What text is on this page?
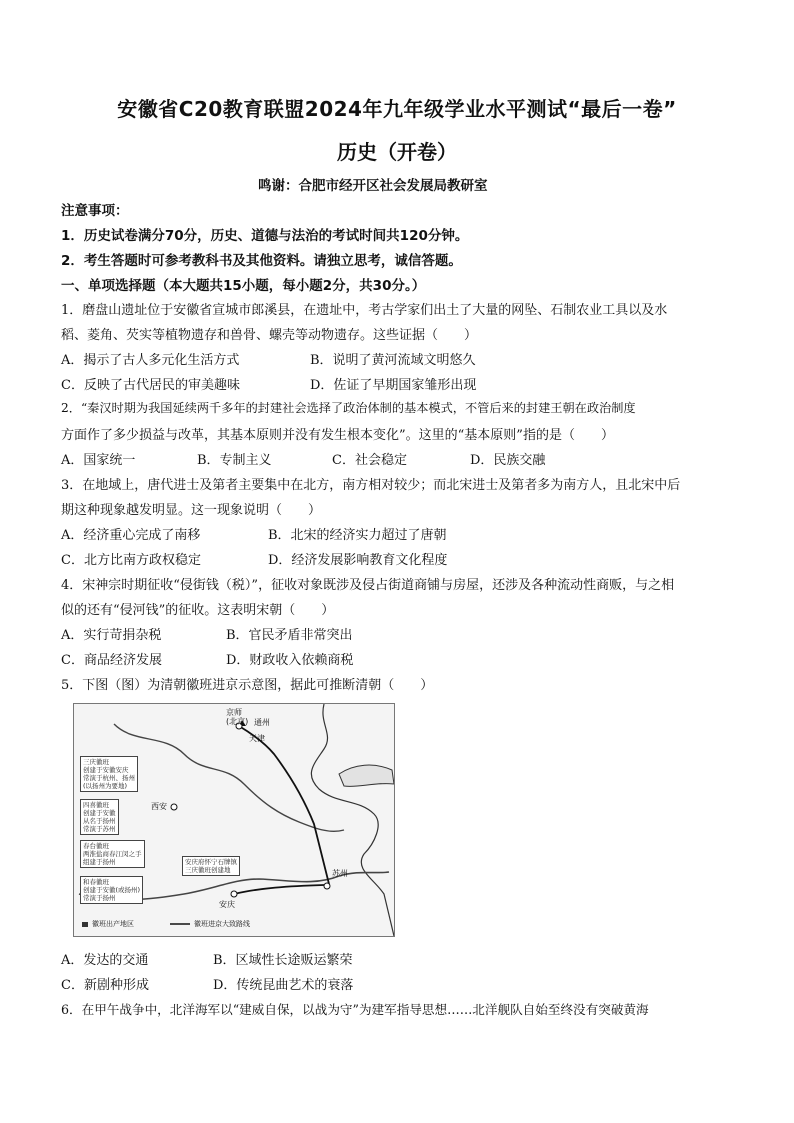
安徽省C20教育联盟2024年九年级学业水平测试“最后一卷”
历史（开卷）
鸣谢：合肥市经开区社会发展局教研室
注意事项：
1．历史试卷满分70分，历史、道德与法治的考试时间共120分钟。
2．考生答题时可参考教科书及其他资料。请独立思考，诚信答题。
一、单项选择题（本大题共15小题，每小题2分，共30分。）
1．磨盘山遗址位于安徽省宣城市郎溪县，在遗址中，考古学家们出土了大量的网坠、石制农业工具以及水
稻、菱角、芡实等植物遗存和兽骨、螺壳等动物遗存。这些证据（　　）
A．揭示了古人多元化生活方式	B．说明了黄河流域文明悠久
C．反映了古代居民的审美趣味	D．佐证了早期国家雏形出现
2．“秦汉时期为我国延续两千多年的封建社会选择了政治体制的基本模式，不管后来的封建王朝在政治制度
方面作了多少损益与改革，其基本原则并没有发生根本变化”。这里的“基本原则”指的是（　　）
A．国家统一	B．专制主义	C．社会稳定	D．民族交融
3．在地域上，唐代进士及第者主要集中在北方，南方相对较少；而北宋进士及第者多为南方人，且北宋中后
期这种现象越发明显。这一现象说明（　　）
A．经济重心完成了南移	B．北宋的经济实力超过了唐朝
C．北方比南方政权稳定	D．经济发展影响教育文化程度
4．宋神宗时期征收“侵街钱（税）”，征收对象既涉及侵占街道商铺与房屋，还涉及各种流动性商贩，与之相
似的还有“侵河钱”的征收。这表明宋朝（　　）
A．实行苛捐杂税	B．官民矛盾非常突出
C．商品经济发展	D．财政收入依赖商税
5．下图（图）为清朝徽班进京示意图，据此可推断清朝（　　）
京师
(北京) 通州
天津
西安
苏州
安庆
三庆徽班
创建于安徽安庆
常演于杭州、扬州
(以扬州为要地)
四喜徽班
创建于安徽
从名于扬州
常演于苏州
春台徽班
两淮盐商春江闵之手
组建于扬州
和春徽班
创建于安徽(或扬州)
常演于扬州
安庆府怀宁石牌镇
三庆徽班创建地
徽班出产地区	徽班进京大致路线
A．发达的交通	B．区域性长途贩运繁荣
C．新剧种形成	D．传统昆曲艺术的衰落
6．在甲午战争中，北洋海军以“建威自保，以战为守”为建军指导思想……北洋舰队自始至终没有突破黄海
